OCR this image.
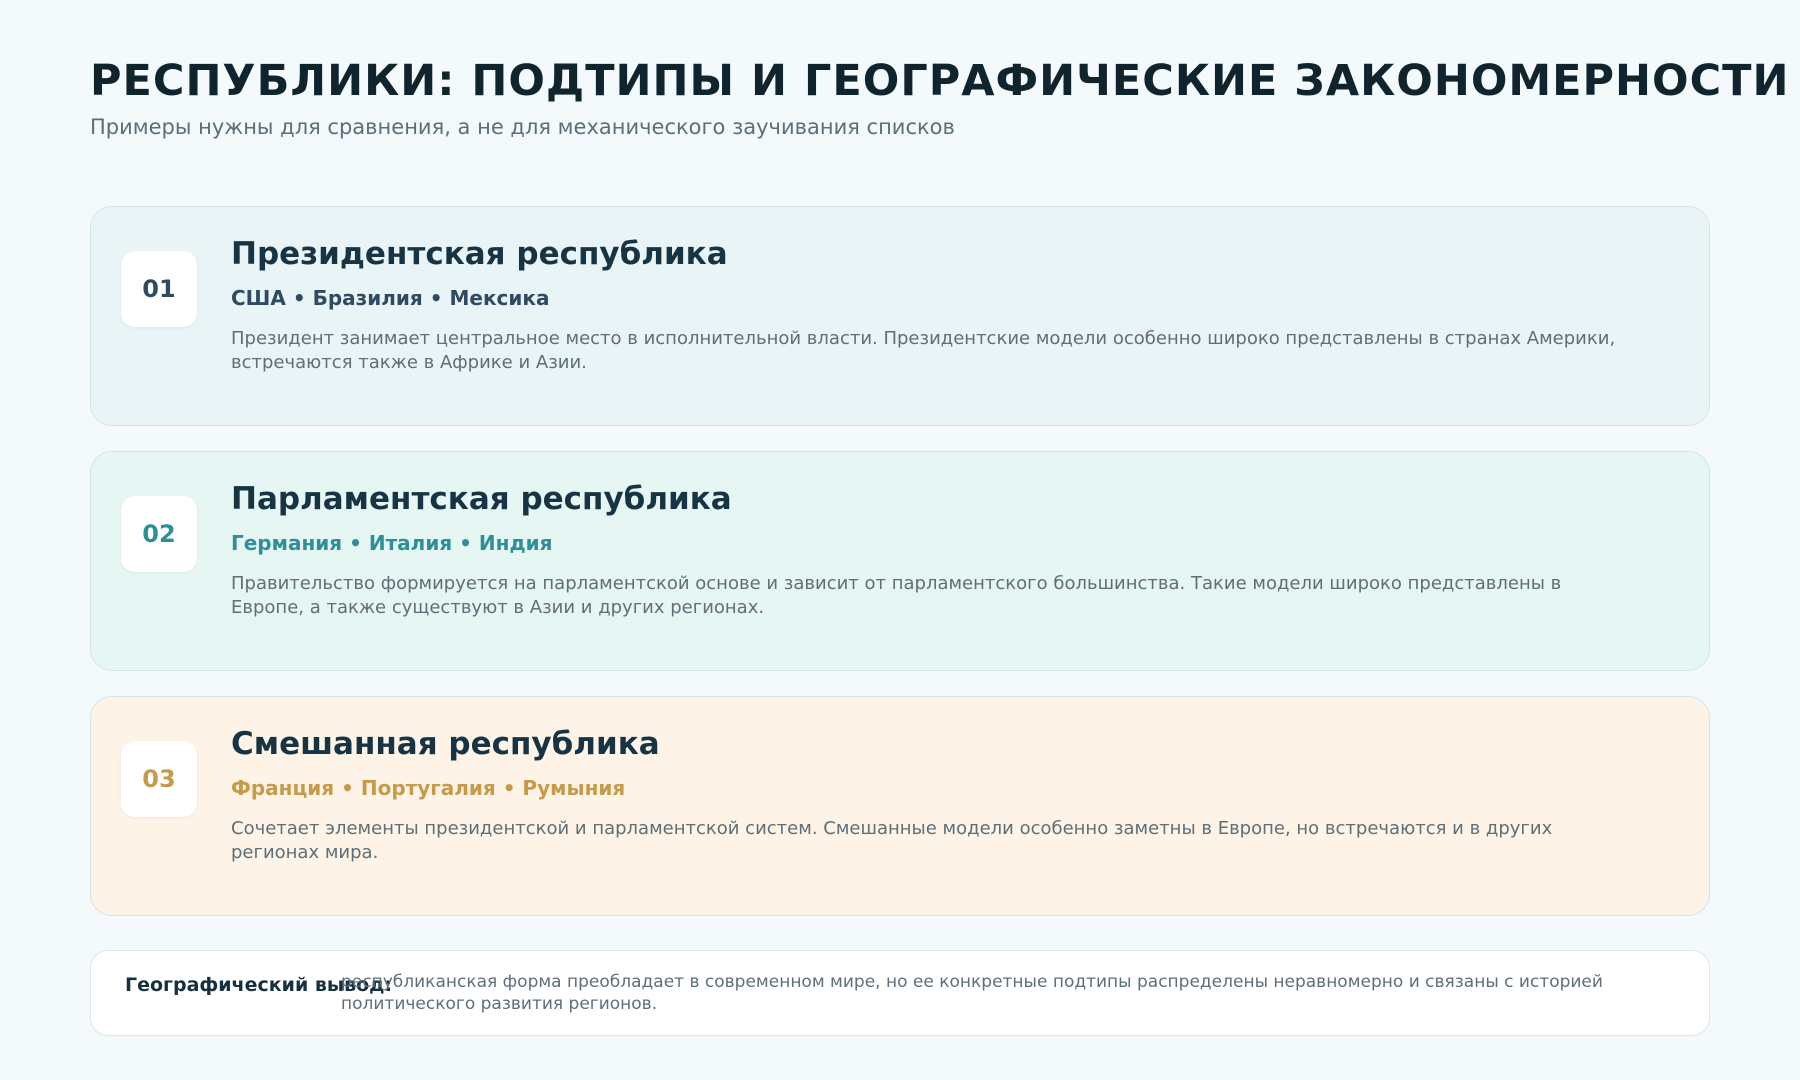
РЕСПУБЛИКИ: ПОДТИПЫ И ГЕОГРАФИЧЕСКИЕ ЗАКОНОМЕРНОСТИ
Примеры нужны для сравнения, а не для механического заучивания списков
01
Президентская республика
США • Бразилия • Мексика
Президент занимает центральное место в исполнительной власти. Президентские модели особенно широко представлены в странах Америки, встречаются также в Африке и Азии.
02
Парламентская республика
Германия • Италия • Индия
Правительство формируется на парламентской основе и зависит от парламентского большинства. Такие модели широко представлены в Европе, а также существуют в Азии и других регионах.
03
Смешанная республика
Франция • Португалия • Румыния
Сочетает элементы президентской и парламентской систем. Смешанные модели особенно заметны в Европе, но встречаются и в других регионах мира.
Географический вывод:
республиканская форма преобладает в современном мире, но ее конкретные подтипы распределены неравномерно и связаны с историей политического развития регионов.
